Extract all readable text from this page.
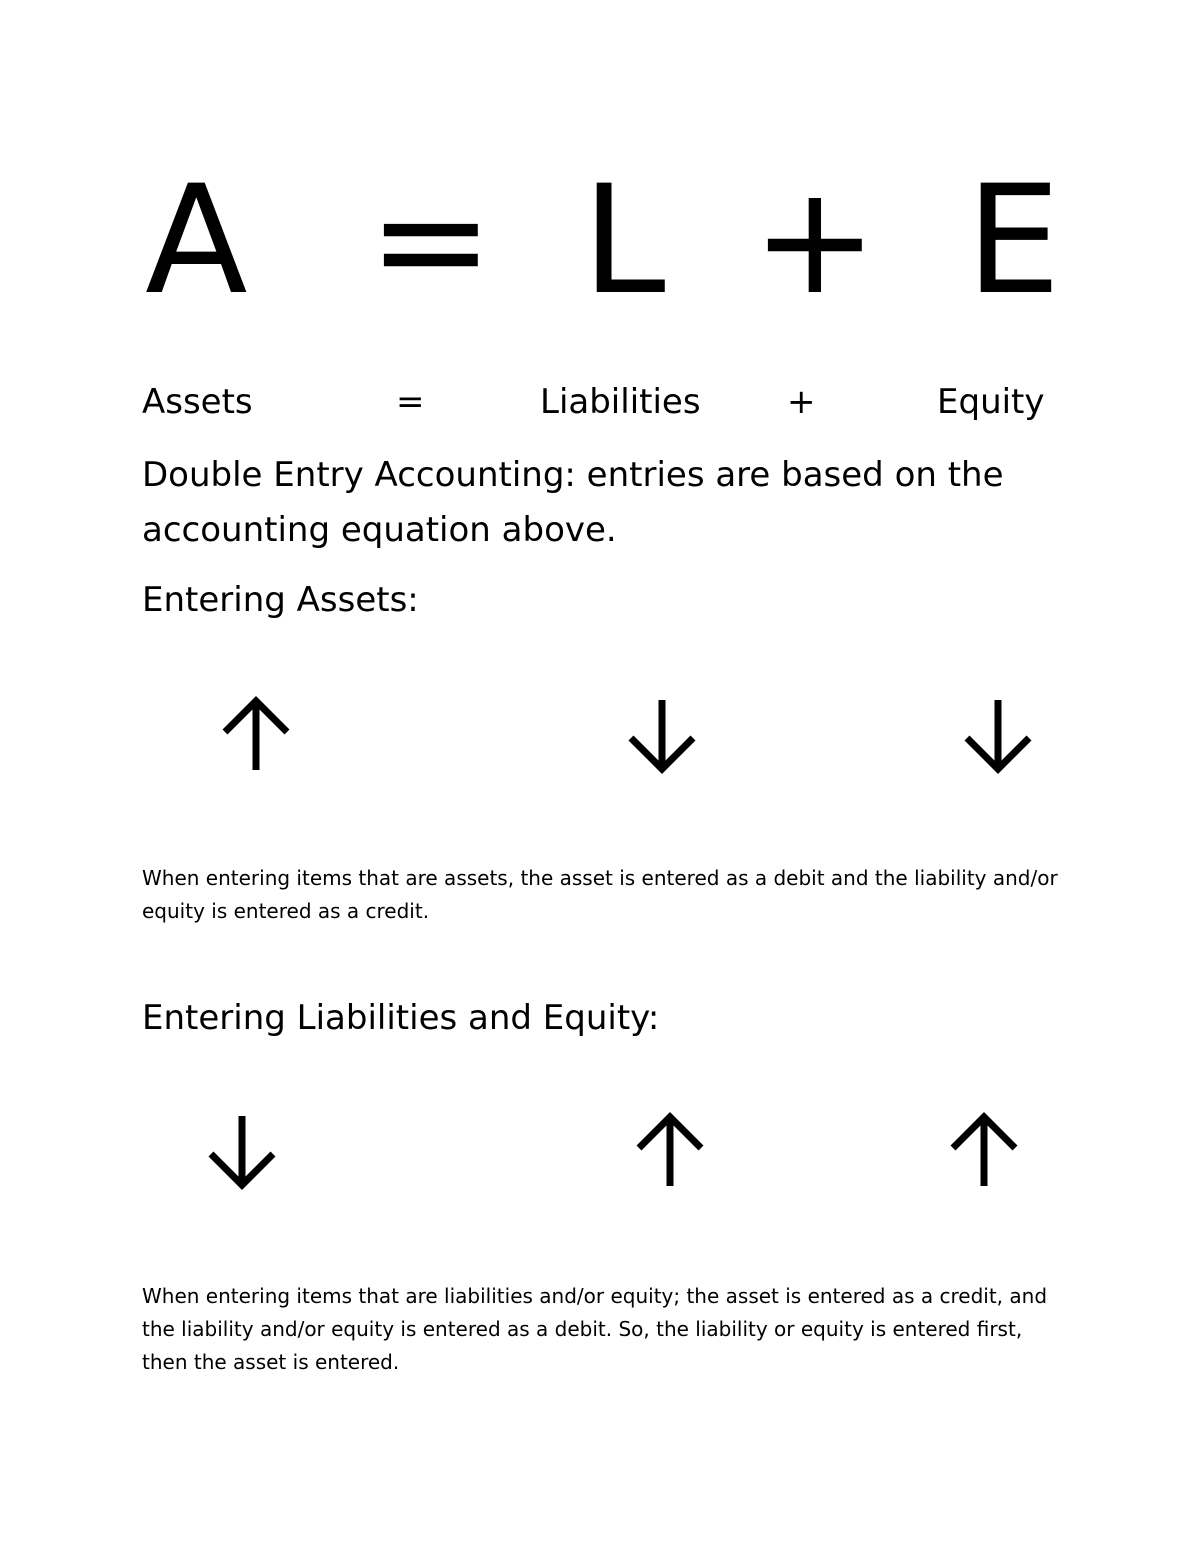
A = L + E
Assets	=	Liabilities	+	Equity
Double Entry Accounting: entries are based on the accounting equation above.
Entering Assets:
When entering items that are assets, the asset is entered as a debit and the liability and/or equity is entered as a credit.
Entering Liabilities and Equity:
When entering items that are liabilities and/or equity; the asset is entered as a credit, and the liability and/or equity is entered as a debit. So, the liability or equity is entered first, then the asset is entered.
